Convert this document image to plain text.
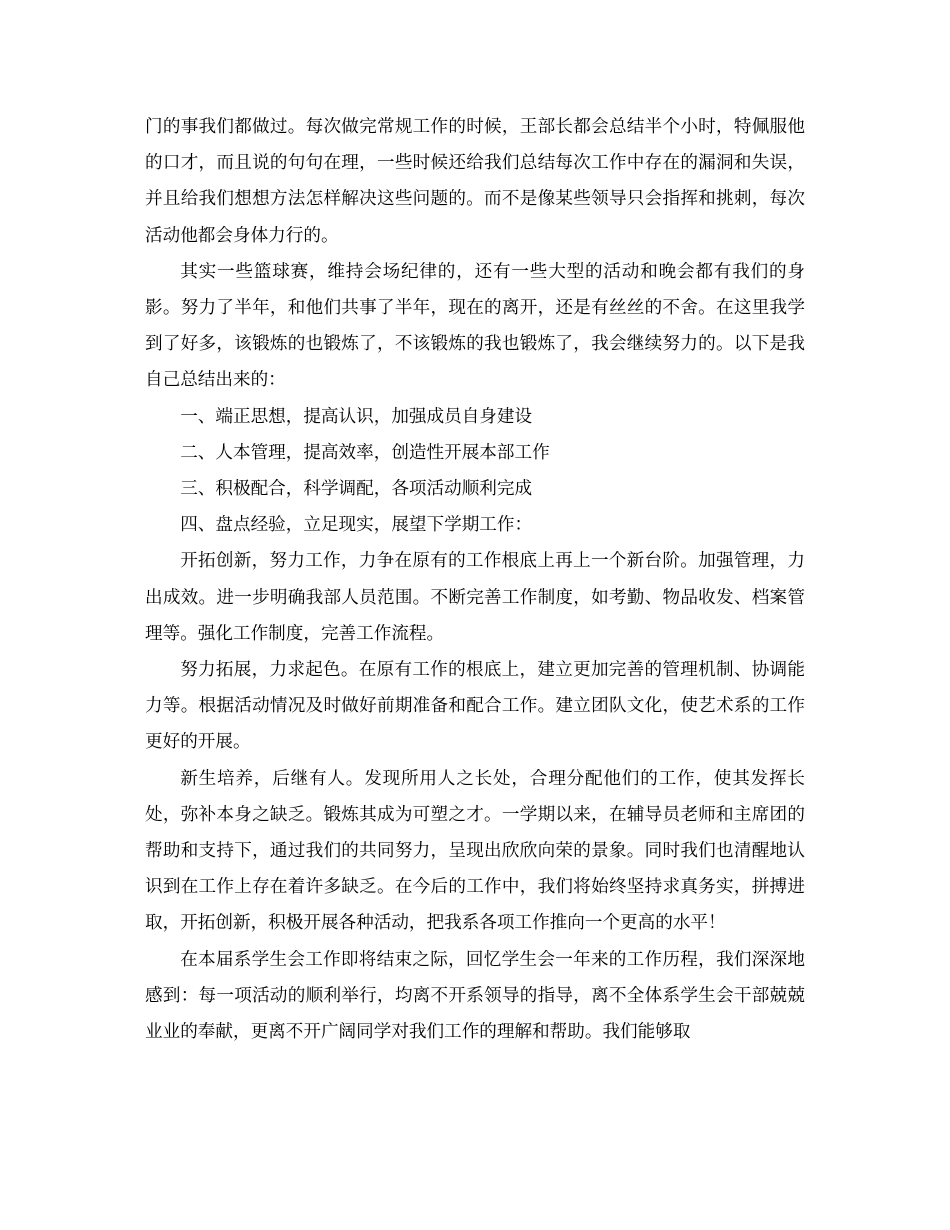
门的事我们都做过。每次做完常规工作的时候，王部长都会总结半个小时，特佩服他的口才，而且说的句句在理，一些时候还给我们总结每次工作中存在的漏洞和失误，并且给我们想想方法怎样解决这些问题的。而不是像某些领导只会指挥和挑刺，每次活动他都会身体力行的。

其实一些篮球赛，维持会场纪律的，还有一些大型的活动和晚会都有我们的身影。努力了半年，和他们共事了半年，现在的离开，还是有丝丝的不舍。在这里我学到了好多，该锻炼的也锻炼了，不该锻炼的我也锻炼了，我会继续努力的。以下是我自己总结出来的：

一、端正思想，提高认识，加强成员自身建设

二、人本管理，提高效率，创造性开展本部工作

三、积极配合，科学调配，各项活动顺利完成

四、盘点经验，立足现实，展望下学期工作：

开拓创新，努力工作，力争在原有的工作根底上再上一个新台阶。加强管理，力出成效。进一步明确我部人员范围。不断完善工作制度，如考勤、物品收发、档案管理等。强化工作制度，完善工作流程。

努力拓展，力求起色。在原有工作的根底上，建立更加完善的管理机制、协调能力等。根据活动情况及时做好前期准备和配合工作。建立团队文化，使艺术系的工作更好的开展。

新生培养，后继有人。发现所用人之长处，合理分配他们的工作，使其发挥长处，弥补本身之缺乏。锻炼其成为可塑之才。一学期以来，在辅导员老师和主席团的帮助和支持下，通过我们的共同努力，呈现出欣欣向荣的景象。同时我们也清醒地认识到在工作上存在着许多缺乏。在今后的工作中，我们将始终坚持求真务实，拼搏进取，开拓创新，积极开展各种活动，把我系各项工作推向一个更高的水平！

在本届系学生会工作即将结束之际，回忆学生会一年来的工作历程，我们深深地感到：每一项活动的顺利举行，均离不开系领导的指导，离不全体系学生会干部兢兢业业的奉献，更离不开广阔同学对我们工作的理解和帮助。我们能够取
